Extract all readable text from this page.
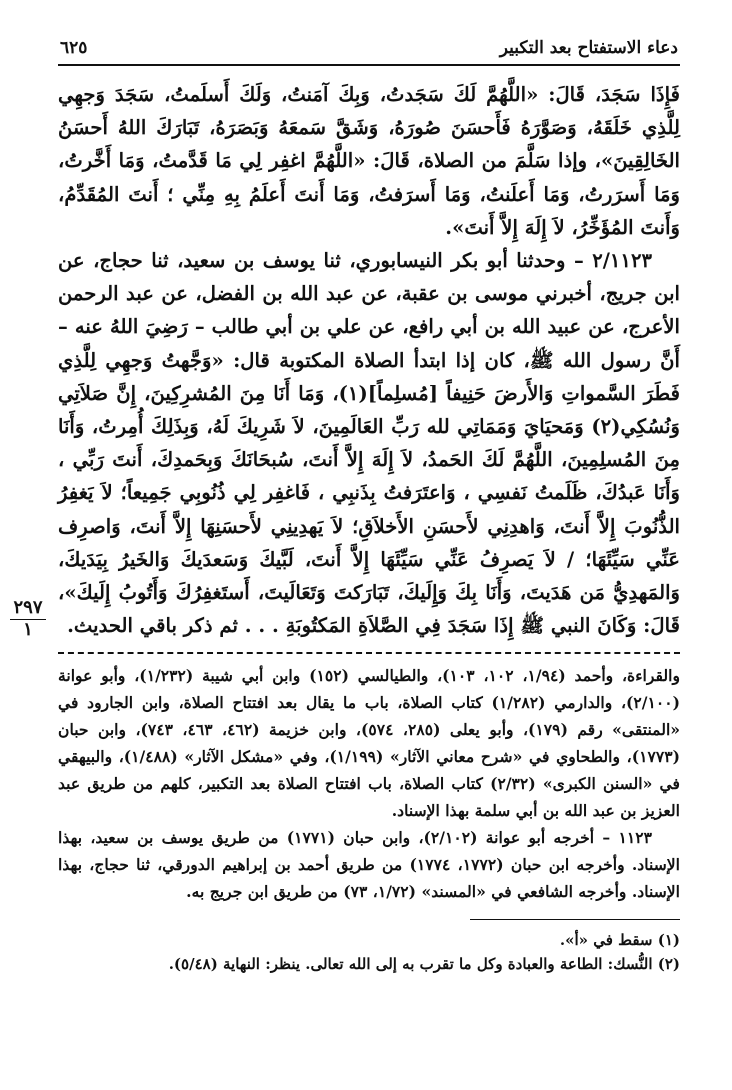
دعاء الاستفتاح بعد التكبير
٦٢٥
٢٩٧
١

فَإِذَا سَجَدَ، قَالَ: «اللَّهُمَّ لَكَ سَجَدتُ، وَبِكَ آمَنتُ، وَلَكَ أَسلَمتُ، سَجَدَ وَجهِي لِلَّذِي خَلَقَهُ، وَصَوَّرَهُ فَأَحسَنَ صُورَهُ، وَشَقَّ سَمعَهُ وَبَصَرَهُ، تَبَارَكَ اللهُ أَحسَنُ الخَالِقِينَ»، وإذا سَلَّمَ من الصلاة، قَالَ: «اللَّهُمَّ اغفِر لِي مَا قَدَّمتُ، وَمَا أَخَّرتُ، وَمَا أَسرَرتُ، وَمَا أَعلَنتُ، وَمَا أَسرَفتُ، وَمَا أَنتَ أَعلَمُ بِهِ مِنِّي ؛ أَنتَ المُقَدِّمُ، وَأَنتَ المُؤَخِّرُ، لاَ إِلَهَ إِلاَّ أَنتَ».

٢/١١٢٣ – وحدثنا أبو بكر النيسابوري، ثنا يوسف بن سعيد، ثنا حجاج، عن ابن جريج، أخبرني موسى بن عقبة، عن عبد الله بن الفضل، عن عبد الرحمن الأعرج، عن عبيد الله بن أبي رافع، عن علي بن أبي طالب – رَضِيَ اللهُ عنه – أَنَّ رسول الله ﷺ، كان إذا ابتدأ الصلاة المكتوبة قال: «وَجَّهتُ وَجهِي لِلَّذِي فَطَرَ السَّمواتِ وَالأَرضَ حَنِيفاً [مُسلِماً](١)، وَمَا أَنَا مِنَ المُشرِكِينَ، إِنَّ صَلاَتِي وَنُسُكِي(٢) وَمَحيَايَ وَمَمَاتِي لله رَبِّ العَالَمِينَ، لاَ شَرِيكَ لَهُ، وَبِذَلِكَ أُمِرتُ، وَأَنَا مِنَ المُسلِمِينَ، اللَّهُمَّ لَكَ الحَمدُ، لاَ إِلَهَ إِلاَّ أَنتَ، سُبحَانَكَ وَبِحَمدِكَ، أَنتَ رَبِّي ، وَأَنَا عَبدُكَ، ظَلَمتُ نَفسِي ، وَاعتَرَفتُ بِذَنبِي ، فَاغفِر لِي ذُنُوبِي جَمِيعاً؛ لاَ يَغفِرُ الذُّنُوبَ إِلاَّ أَنتَ، وَاهدِنِي لأَحسَنِ الأَخلاَقِ؛ لاَ يَهدِينِي لأَحسَنِهَا إِلاَّ أَنتَ، وَاصرِف عَنِّي سَيِّئَهَا؛ / لاَ يَصرِفُ عَنِّي سَيِّئَهَا إِلاَّ أَنتَ، لَبَّيكَ وَسَعدَيكَ وَالخَيرُ بِيَدَيكَ، وَالمَهدِيُّ مَن هَدَيتَ، وَأَنَا بِكَ وَإِلَيكَ، تَبَارَكتَ وَتَعَالَيتَ، أَستَغفِرُكَ وَأَتُوبُ إِلَيكَ»، قَالَ: وَكَانَ النبي ﷺ إِذَا سَجَدَ فِي الصَّلاَةِ المَكتُوبَةِ . . . ثم ذكر باقي الحديث.

والقراءة، وأحمد (١/٩٤، ١٠٢، ١٠٣)، والطيالسي (١٥٢) وابن أبي شيبة (١/٢٣٢)، وأبو عوانة (٢/١٠٠)، والدارمي (١/٢٨٢) كتاب الصلاة، باب ما يقال بعد افتتاح الصلاة، وابن الجارود في «المنتقى» رقم (١٧٩)، وأبو يعلى (٢٨٥، ٥٧٤)، وابن خزيمة (٤٦٢، ٤٦٣، ٧٤٣)، وابن حبان (١٧٧٣)، والطحاوي في «شرح معاني الآثار» (١/١٩٩)، وفي «مشكل الآثار» (١/٤٨٨)، والبيهقي في «السنن الكبرى» (٢/٣٢) كتاب الصلاة، باب افتتاح الصلاة بعد التكبير، كلهم من طريق عبد العزيز بن عبد الله بن أبي سلمة بهذا الإسناد.

١١٢٣ – أخرجه أبو عوانة (٢/١٠٢)، وابن حبان (١٧٧١) من طريق يوسف بن سعيد، بهذا الإسناد. وأخرجه ابن حبان (١٧٧٢، ١٧٧٤) من طريق أحمد بن إبراهيم الدورقي، ثنا حجاج، بهذا الإسناد. وأخرجه الشافعي في «المسند» (١/٧٢، ٧٣) من طريق ابن جريج به.

(١) سقط في «أ».

(٢) النُّسك: الطاعة والعبادة وكل ما تقرب به إلى الله تعالى. ينظر: النهاية (٥/٤٨).
